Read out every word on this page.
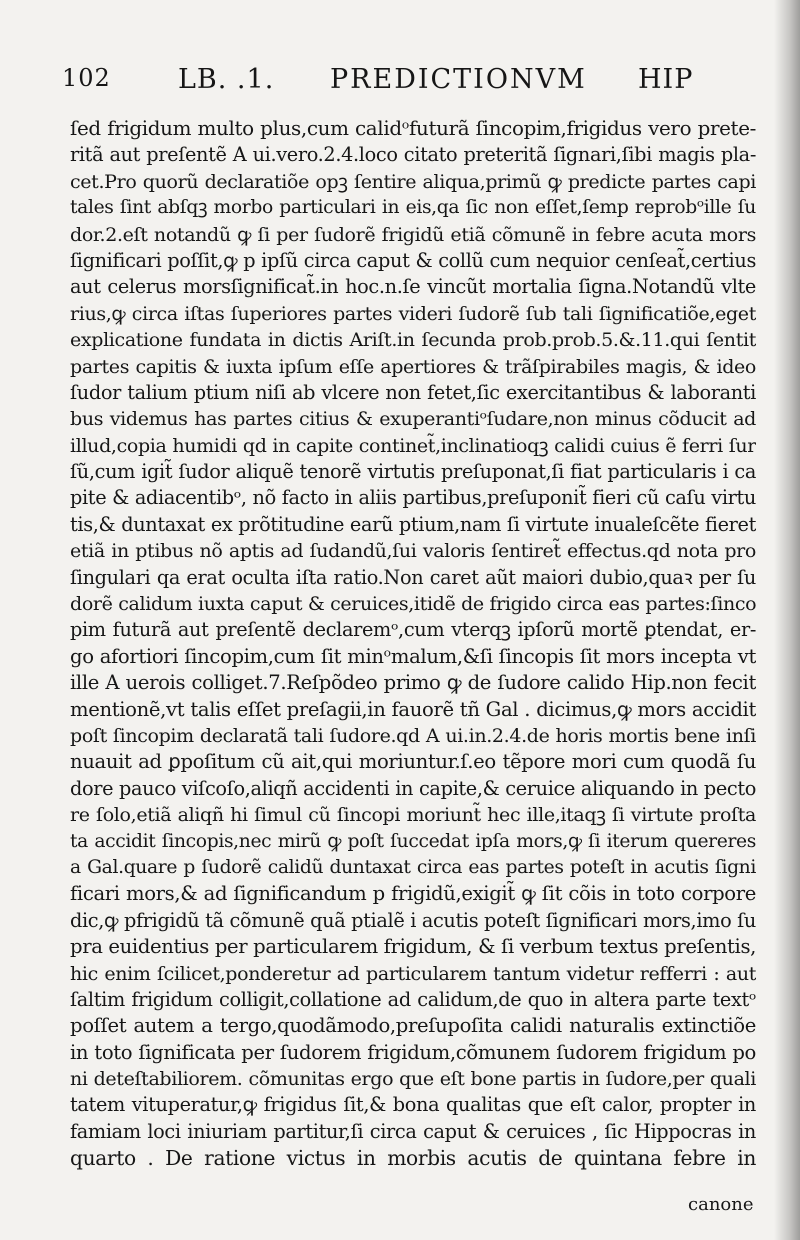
102 LB. .1. PREDICTIONVM HIP
ſed frigidum multo plus,cum calidᵒfuturã ſincopim,frigidus vero prete-
ritã aut preſentẽ A ui.vero.2.4.loco citato preteritã ſignari,ſibi magis pla-
cet.Pro quorũ declaratiõe opꝫ ſentire aliqua,primũ ꝙ predicte partes capi
tales ſint abſqꝫ morbo particulari in eis,qa ſic non eſſet,ſemp reprobᵒille ſu
dor.2.eſt notandũ ꝙ ſi per ſudorẽ frigidũ etiã cõmunẽ in febre acuta mors
ſignificari poſſit,ꝙ p ipſũ circa caput & collũ cum nequior cenſeat̃,certius
aut celerus morsſignificat̃.in hoc.n.ſe vincũt mortalia ſigna.Notandũ vlte
rius,ꝙ circa iſtas ſuperiores partes videri ſudorẽ ſub tali ſignificatiõe,eget
explicatione fundata in dictis Ariſt.in ſecunda prob.prob.5.&.11.qui ſentit
partes capitis & iuxta ipſum eſſe apertiores & trãſpirabiles magis, & ideo
ſudor talium ptium niſi ab vlcere non fetet,ſic exercitantibus & laboranti
bus videmus has partes citius & exuperantiᵒſudare,non minus cõducit ad
illud,copia humidi qd in capite continet̃,inclinatioqꝫ calidi cuius ẽ ferri ſur
ſũ,cum igit̃ ſudor aliquẽ tenorẽ virtutis preſuponat,ſi fiat particularis i ca
pite & adiacentibᵒ, nõ facto in aliis partibus,preſuponit̃ fieri cũ caſu virtu
tis,& duntaxat ex prõtitudine earũ ptium,nam ſi virtute inualeſcẽte fieret
etiã in ptibus nõ aptis ad ſudandũ,ſui valoris ſentiret̃ effectus.qd nota pro
ſingulari qa erat oculta iſta ratio.Non caret aũt maiori dubio,quaꝛ per ſu
dorẽ calidum iuxta caput & ceruices,itidẽ de frigido circa eas partes:ſinco
pim futurã aut preſentẽ declaremᵒ,cum vterqꝫ ipſorũ mortẽ ꝑtendat, er-
go afortiori ſincopim,cum ſit minᵒmalum,&ſi ſincopis ſit mors incepta vt
ille A uerois colliget.7.Reſpõdeo primo ꝙ de ſudore calido Hip.non fecit
mentionẽ,vt talis eſſet preſagii,in fauorẽ tñ Gal . dicimus,ꝙ mors accidit
poſt ſincopim declaratã tali ſudore.qd A ui.in.2.4.de horis mortis bene inſi
nuauit ad ꝑpoſitum cũ ait,qui moriuntur.ſ.eo tẽpore mori cum quodã ſu
dore pauco viſcoſo,aliqñ accidenti in capite,& ceruice aliquando in pecto
re ſolo,etiã aliqñ hi ſimul cũ ſincopi moriunt̃ hec ille,itaqꝫ ſi virtute proſta
ta accidit ſincopis,nec mirũ ꝙ poſt ſuccedat ipſa mors,ꝙ ſi iterum quereres
a Gal.quare p ſudorẽ calidũ duntaxat circa eas partes poteſt in acutis ſigni
ficari mors,& ad ſignificandum p frigidũ,exigit̃ ꝙ ſit cõis in toto corpore
dic,ꝙ pfrigidũ tã cõmunẽ quã ptialẽ i acutis poteſt ſignificari mors,imo ſu
pra euidentius per particularem frigidum, & ſi verbum textus preſentis,
hic enim ſcilicet,ponderetur ad particularem tantum videtur refferri : aut
ſaltim frigidum colligit,collatione ad calidum,de quo in altera parte textᵒ
poſſet autem a tergo,quodãmodo,preſupoſita calidi naturalis extinctiõe
in toto ſignificata per ſudorem frigidum,cõmunem ſudorem frigidum po
ni deteſtabiliorem. cõmunitas ergo que eſt bone partis in ſudore,per quali
tatem vituperatur,ꝙ frigidus ſit,& bona qualitas que eſt calor, propter in
famiam loci iniuriam partitur,ſi circa caput & ceruices , ſic Hippocras in
quarto . De ratione victus in morbis acutis de quintana febre in
canone
